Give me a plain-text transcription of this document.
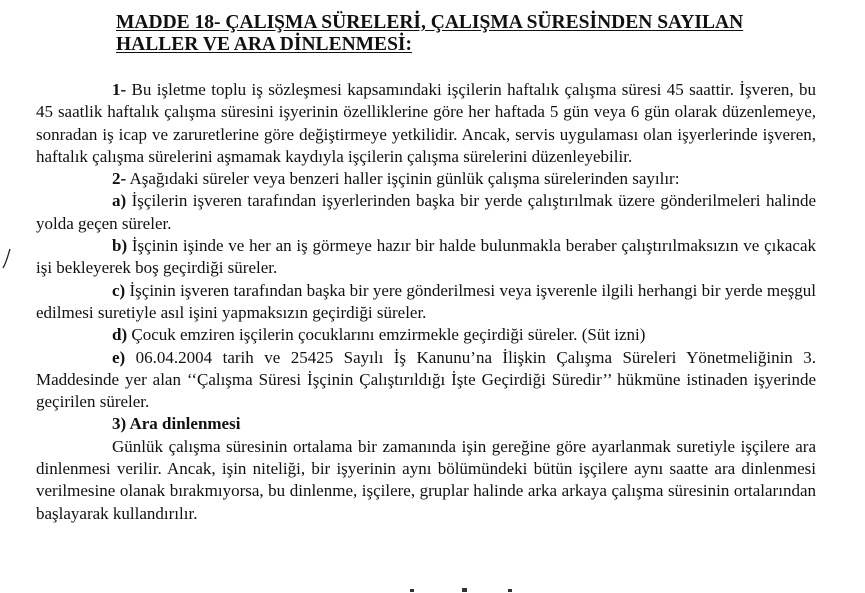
MADDE 18- ÇALIŞMA SÜRELERİ, ÇALIŞMA SÜRESİNDEN SAYILAN
HALLER VE ARA DİNLENMESİ:

1- Bu işletme toplu iş sözleşmesi kapsamındaki işçilerin haftalık çalışma süresi 45 saattir. İşveren, bu 45 saatlik haftalık çalışma süresini işyerinin özelliklerine göre her haftada 5 gün veya 6 gün olarak düzenlemeye, sonradan iş icap ve zaruretlerine göre değiştirmeye yetkilidir. Ancak, servis uygulaması olan işyerlerinde işveren, haftalık çalışma sürelerini aşmamak kaydıyla işçilerin çalışma sürelerini düzenleyebilir.

2- Aşağıdaki süreler veya benzeri haller işçinin günlük çalışma sürelerinden sayılır:

a) İşçilerin işveren tarafından işyerlerinden başka bir yerde çalıştırılmak üzere gönderilmeleri halinde yolda geçen süreler.

b) İşçinin işinde ve her an iş görmeye hazır bir halde bulunmakla beraber çalıştırılmaksızın ve çıkacak işi bekleyerek boş geçirdiği süreler.

c) İşçinin işveren tarafından başka bir yere gönderilmesi veya işverenle ilgili herhangi bir yerde meşgul edilmesi suretiyle asıl işini yapmaksızın geçirdiği süreler.

d) Çocuk emziren işçilerin çocuklarını emzirmekle geçirdiği süreler. (Süt izni)

e) 06.04.2004 tarih ve 25425 Sayılı İş Kanunu’na İlişkin Çalışma Süreleri Yönetmeliğinin 3. Maddesinde yer alan ‘‘Çalışma Süresi İşçinin Çalıştırıldığı İşte Geçirdiği Süredir’’ hükmüne istinaden işyerinde geçirilen süreler.

3) Ara dinlenmesi

Günlük çalışma süresinin ortalama bir zamanında işin gereğine göre ayarlanmak suretiyle işçilere ara dinlenmesi verilir. Ancak, işin niteliği, bir işyerinin aynı bölümündeki bütün işçilere aynı saatte ara dinlenmesi verilmesine olanak bırakmıyorsa, bu dinlenme, işçilere, gruplar halinde arka arkaya çalışma süresinin ortalarından başlayarak kullandırılır.
